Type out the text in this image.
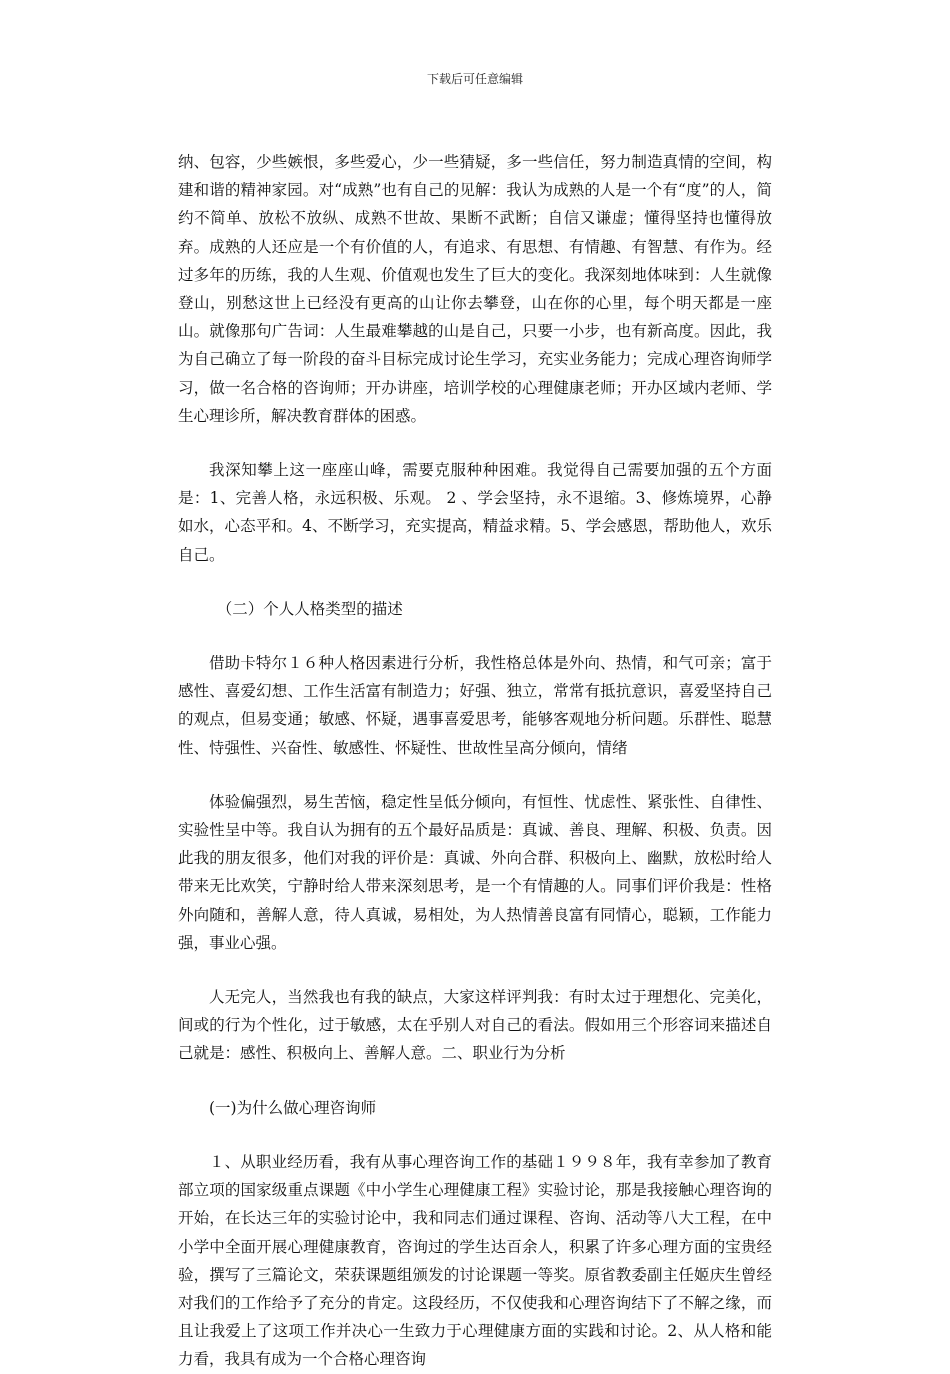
下载后可任意编辑

纳、包容，少些嫉恨，多些爱心，少一些猜疑，多一些信任，努力制造真情的空间，构建和谐的精神家园。对“成熟”也有自己的见解：我认为成熟的人是一个有“度”的人，简约不简单、放松不放纵、成熟不世故、果断不武断；自信又谦虚；懂得坚持也懂得放弃。成熟的人还应是一个有价值的人，有追求、有思想、有情趣、有智慧、有作为。经过多年的历练，我的人生观、价值观也发生了巨大的变化。我深刻地体味到：人生就像登山，别愁这世上已经没有更高的山让你去攀登，山在你的心里，每个明天都是一座山。就像那句广告词：人生最难攀越的山是自己，只要一小步，也有新高度。因此，我为自己确立了每一阶段的奋斗目标完成讨论生学习，充实业务能力；完成心理咨询师学习，做一名合格的咨询师；开办讲座，培训学校的心理健康老师；开办区域内老师、学生心理诊所，解决教育群体的困惑。

我深知攀上这一座座山峰，需要克服种种困难。我觉得自己需要加强的五个方面是：1、完善人格，永远积极、乐观。 2 、学会坚持，永不退缩。3、修炼境界，心静如水，心态平和。4、不断学习，充实提高，精益求精。5、学会感恩，帮助他人，欢乐自己。

（二）个人人格类型的描述

借助卡特尔１６种人格因素进行分析，我性格总体是外向、热情，和气可亲；富于感性、喜爱幻想、工作生活富有制造力；好强、独立，常常有抵抗意识，喜爱坚持自己的观点，但易变通；敏感、怀疑，遇事喜爱思考，能够客观地分析问题。乐群性、聪慧性、恃强性、兴奋性、敏感性、怀疑性、世故性呈高分倾向，情绪

体验偏强烈，易生苦恼，稳定性呈低分倾向，有恒性、忧虑性、紧张性、自律性、实验性呈中等。我自认为拥有的五个最好品质是：真诚、善良、理解、积极、负责。因此我的朋友很多，他们对我的评价是：真诚、外向合群、积极向上、幽默，放松时给人带来无比欢笑，宁静时给人带来深刻思考，是一个有情趣的人。同事们评价我是：性格外向随和，善解人意，待人真诚，易相处，为人热情善良富有同情心，聪颖，工作能力强，事业心强。

人无完人，当然我也有我的缺点，大家这样评判我：有时太过于理想化、完美化，间或的行为个性化，过于敏感，太在乎别人对自己的看法。假如用三个形容词来描述自己就是：感性、积极向上、善解人意。二、职业行为分析

(一)为什么做心理咨询师

１、从职业经历看，我有从事心理咨询工作的基础１９９８年，我有幸参加了教育部立项的国家级重点课题《中小学生心理健康工程》实验讨论，那是我接触心理咨询的开始，在长达三年的实验讨论中，我和同志们通过课程、咨询、活动等八大工程，在中小学中全面开展心理健康教育，咨询过的学生达百余人，积累了许多心理方面的宝贵经验，撰写了三篇论文，荣获课题组颁发的讨论课题一等奖。原省教委副主任姬庆生曾经对我们的工作给予了充分的肯定。这段经历，不仅使我和心理咨询结下了不解之缘，而且让我爱上了这项工作并决心一生致力于心理健康方面的实践和讨论。2、从人格和能力看，我具有成为一个合格心理咨询
